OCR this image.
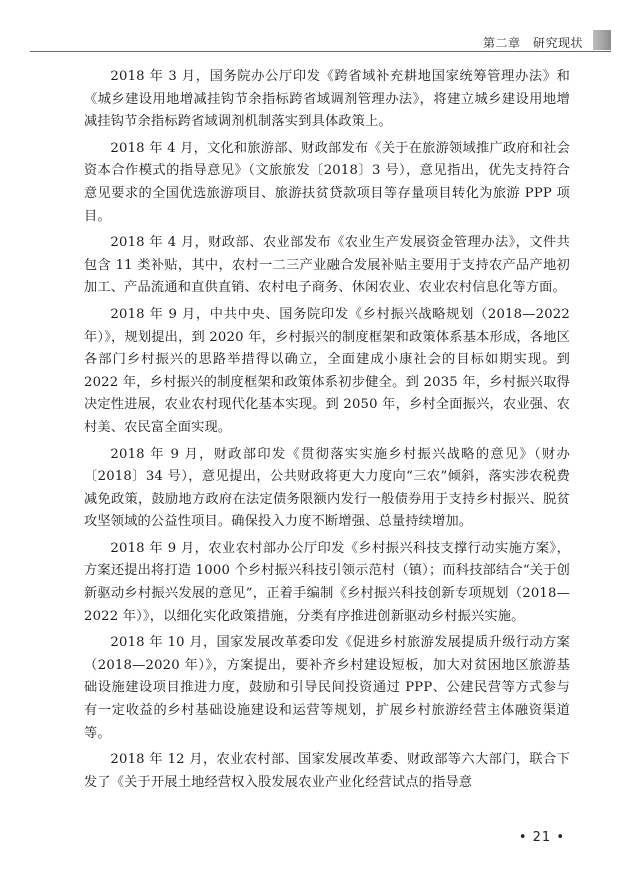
第二章　研究现状

2018 年 3 月，国务院办公厅印发《跨省域补充耕地国家统筹管理办法》和《城乡建设用地增减挂钩节余指标跨省域调剂管理办法》，将建立城乡建设用地增减挂钩节余指标跨省域调剂机制落实到具体政策上。

2018 年 4 月，文化和旅游部、财政部发布《关于在旅游领域推广政府和社会资本合作模式的指导意见》（文旅旅发〔2018〕3 号），意见指出，优先支持符合意见要求的全国优选旅游项目、旅游扶贫贷款项目等存量项目转化为旅游 PPP 项目。

2018 年 4 月，财政部、农业部发布《农业生产发展资金管理办法》，文件共包含 11 类补贴，其中，农村一二三产业融合发展补贴主要用于支持农产品产地初加工、产品流通和直供直销、农村电子商务、休闲农业、农业农村信息化等方面。

2018 年 9 月，中共中央、国务院印发《乡村振兴战略规划（2018—2022 年）》，规划提出，到 2020 年，乡村振兴的制度框架和政策体系基本形成，各地区各部门乡村振兴的思路举措得以确立，全面建成小康社会的目标如期实现。到 2022 年，乡村振兴的制度框架和政策体系初步健全。到 2035 年，乡村振兴取得决定性进展，农业农村现代化基本实现。到 2050 年，乡村全面振兴，农业强、农村美、农民富全面实现。

2018 年 9 月，财政部印发《贯彻落实实施乡村振兴战略的意见》（财办〔2018〕34 号），意见提出，公共财政将更大力度向“三农”倾斜，落实涉农税费减免政策，鼓励地方政府在法定债务限额内发行一般债券用于支持乡村振兴、脱贫攻坚领域的公益性项目。确保投入力度不断增强、总量持续增加。

2018 年 9 月，农业农村部办公厅印发《乡村振兴科技支撑行动实施方案》，方案还提出将打造 1000 个乡村振兴科技引领示范村（镇）；而科技部结合“关于创新驱动乡村振兴发展的意见”，正着手编制《乡村振兴科技创新专项规划（2018—2022 年）》，以细化实化政策措施，分类有序推进创新驱动乡村振兴实施。

2018 年 10 月，国家发展改革委印发《促进乡村旅游发展提质升级行动方案（2018—2020 年）》，方案提出，要补齐乡村建设短板，加大对贫困地区旅游基础设施建设项目推进力度，鼓励和引导民间投资通过 PPP、公建民营等方式参与有一定收益的乡村基础设施建设和运营等规划，扩展乡村旅游经营主体融资渠道等。

2018 年 12 月，农业农村部、国家发展改革委、财政部等六大部门，联合下发了《关于开展土地经营权入股发展农业产业化经营试点的指导意

• 21 •
